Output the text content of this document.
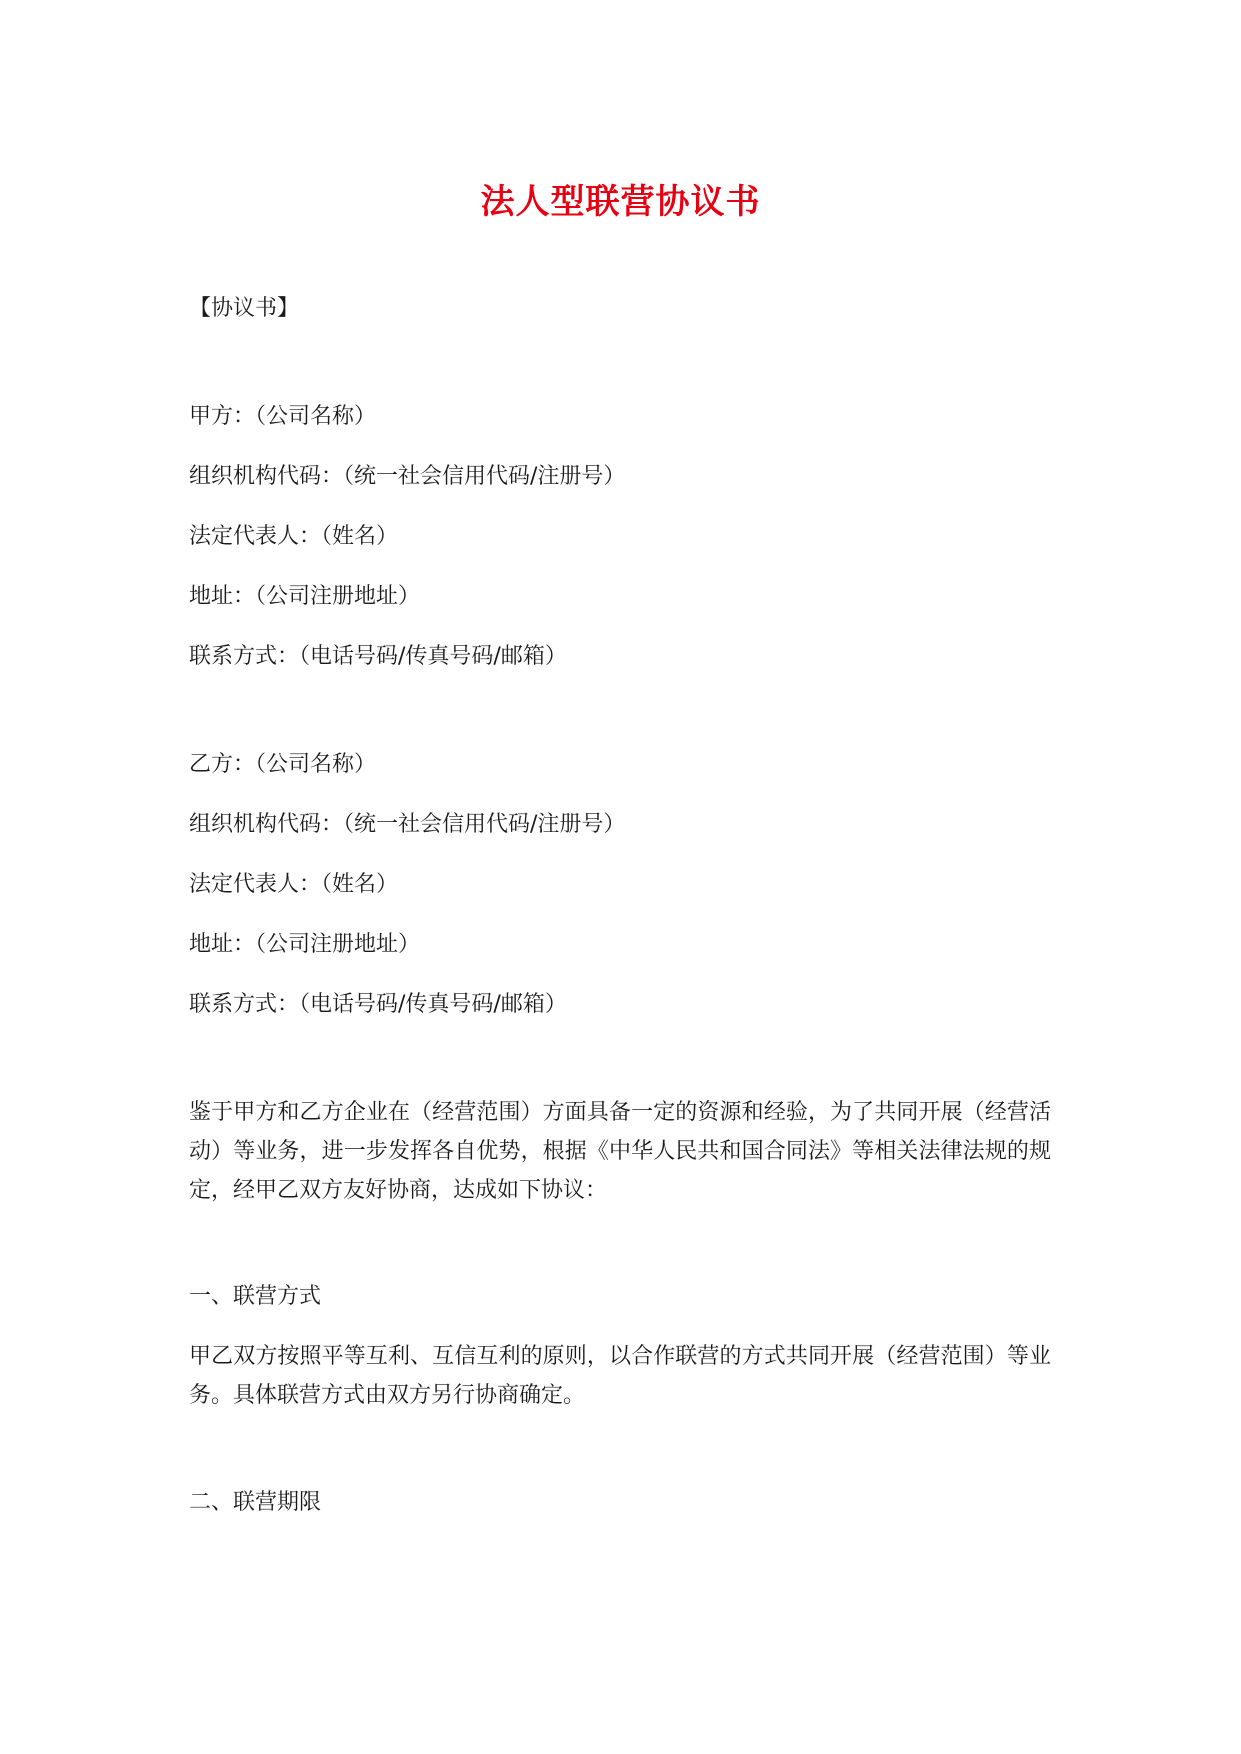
法人型联营协议书
【协议书】
甲方：（公司名称）
组织机构代码：（统一社会信用代码/注册号）
法定代表人：（姓名）
地址：（公司注册地址）
联系方式：（电话号码/传真号码/邮箱）
乙方：（公司名称）
组织机构代码：（统一社会信用代码/注册号）
法定代表人：（姓名）
地址：（公司注册地址）
联系方式：（电话号码/传真号码/邮箱）
鉴于甲方和乙方企业在（经营范围）方面具备一定的资源和经验，为了共同开展（经营活动）等业务，进一步发挥各自优势，根据《中华人民共和国合同法》等相关法律法规的规定，经甲乙双方友好协商，达成如下协议：
一、联营方式
甲乙双方按照平等互利、互信互利的原则，以合作联营的方式共同开展（经营范围）等业务。具体联营方式由双方另行协商确定。
二、联营期限
